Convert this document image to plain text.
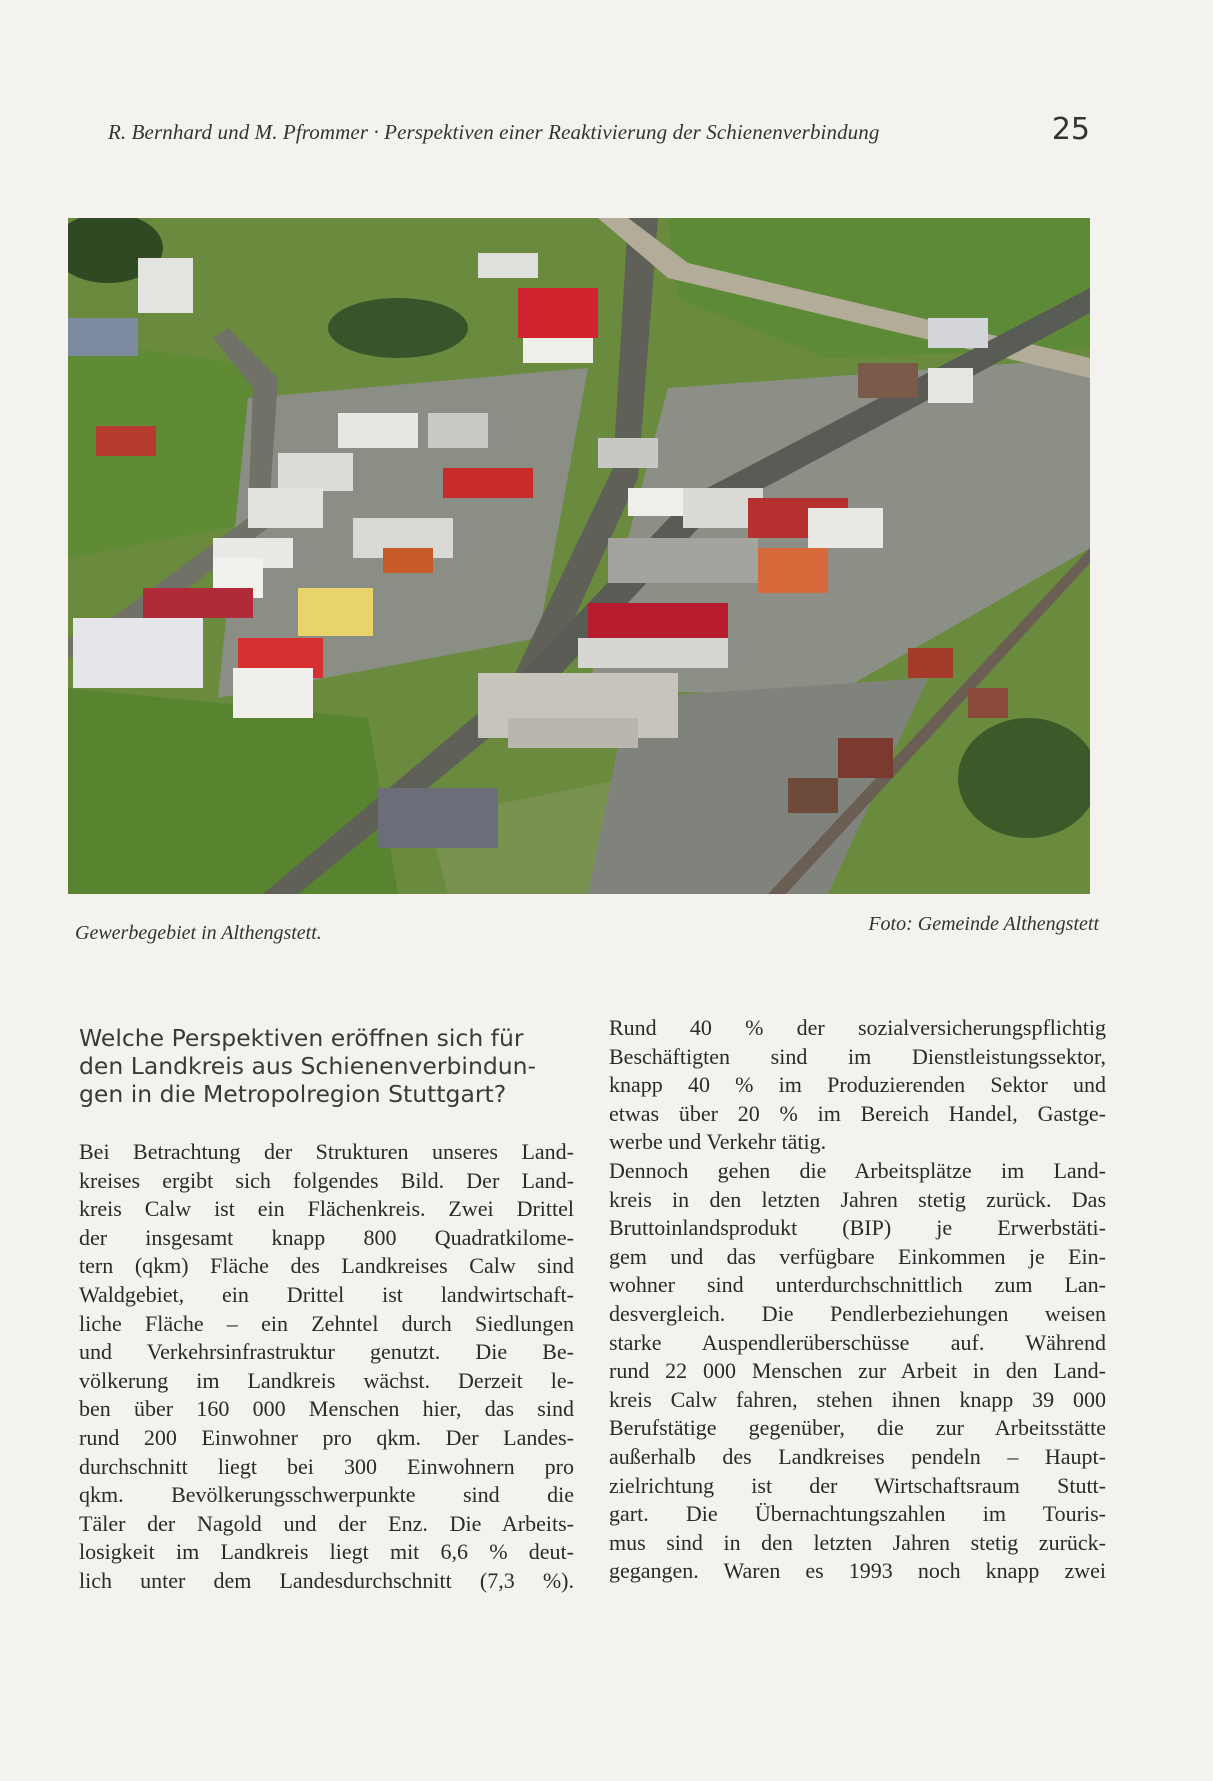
R. Bernhard und M. Pfrommer · Perspektiven einer Reaktivierung der Schienenverbindung	25
Gewerbegebiet in Althengstett.	Foto: Gemeinde Althengstett
Welche Perspektiven eröffnen sich für
den Landkreis aus Schienenverbindun-
gen in die Metropolregion Stuttgart?

Bei Betrachtung der Strukturen unseres Land-
kreises ergibt sich folgendes Bild. Der Land-
kreis Calw ist ein Flächenkreis. Zwei Drittel
der insgesamt knapp 800 Quadratkilome-
tern (qkm) Fläche des Landkreises Calw sind
Waldgebiet, ein Drittel ist landwirtschaft-
liche Fläche – ein Zehntel durch Siedlungen
und Verkehrsinfrastruktur genutzt. Die Be-
völkerung im Landkreis wächst. Derzeit le-
ben über 160 000 Menschen hier, das sind
rund 200 Einwohner pro qkm. Der Landes-
durchschnitt liegt bei 300 Einwohnern pro
qkm. Bevölkerungsschwerpunkte sind die
Täler der Nagold und der Enz. Die Arbeits-
losigkeit im Landkreis liegt mit 6,6 % deut-
lich unter dem Landesdurchschnitt (7,3 %).

Rund 40 % der sozialversicherungspflichtig
Beschäftigten sind im Dienstleistungssektor,
knapp 40 % im Produzierenden Sektor und
etwas über 20 % im Bereich Handel, Gastge-
werbe und Verkehr tätig.
Dennoch gehen die Arbeitsplätze im Land-
kreis in den letzten Jahren stetig zurück. Das
Bruttoinlandsprodukt (BIP) je Erwerbstäti-
gem und das verfügbare Einkommen je Ein-
wohner sind unterdurchschnittlich zum Lan-
desvergleich. Die Pendlerbeziehungen weisen
starke Auspendlerüberschüsse auf. Während
rund 22 000 Menschen zur Arbeit in den Land-
kreis Calw fahren, stehen ihnen knapp 39 000
Berufstätige gegenüber, die zur Arbeitsstätte
außerhalb des Landkreises pendeln – Haupt-
zielrichtung ist der Wirtschaftsraum Stutt-
gart. Die Übernachtungszahlen im Touris-
mus sind in den letzten Jahren stetig zurück-
gegangen. Waren es 1993 noch knapp zwei
